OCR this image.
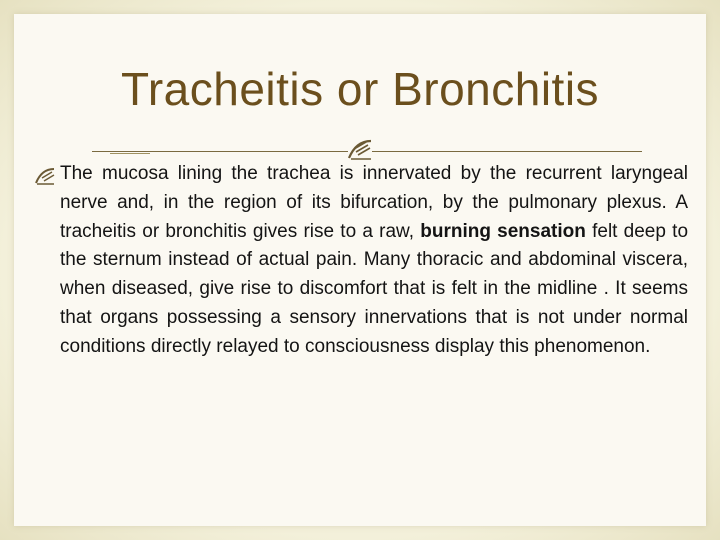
Tracheitis or Bronchitis

The mucosa lining the trachea is innervated by the recurrent laryngeal nerve and, in the region of its bifurcation, by the pulmonary plexus. A tracheitis or bronchitis gives rise to a raw, burning sensation felt deep to the sternum instead of actual pain. Many thoracic and abdominal viscera, when diseased, give rise to discomfort that is felt in the midline . It seems that organs possessing a sensory innervations that is not under normal conditions directly relayed to consciousness display this phenomenon.
